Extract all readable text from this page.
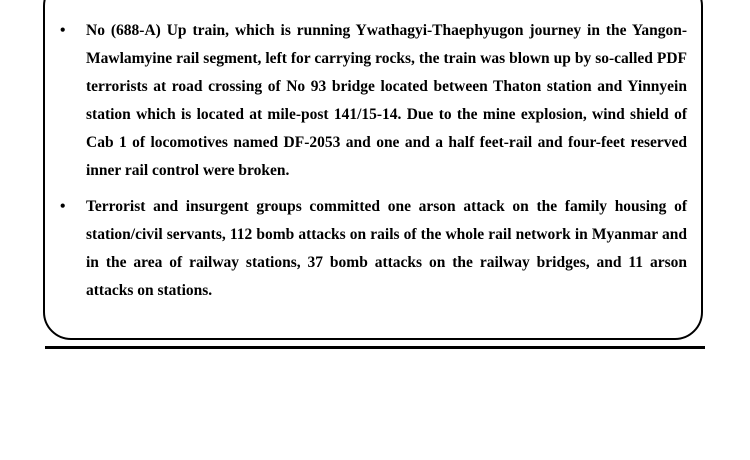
• No (688-A) Up train, which is running Ywathagyi-Thaephyugon journey in the Yangon-Mawlamyine rail segment, left for carrying rocks, the train was blown up by so-called PDF terrorists at road crossing of No 93 bridge located between Thaton station and Yinnyein station which is located at mile-post 141/15-14. Due to the mine explosion, wind shield of Cab 1 of locomotives named DF-2053 and one and a half feet-rail and four-feet reserved inner rail control were broken.
• Terrorist and insurgent groups committed one arson attack on the family housing of station/civil servants, 112 bomb attacks on rails of the whole rail network in Myanmar and in the area of railway stations, 37 bomb attacks on the railway bridges, and 11 arson attacks on stations.
